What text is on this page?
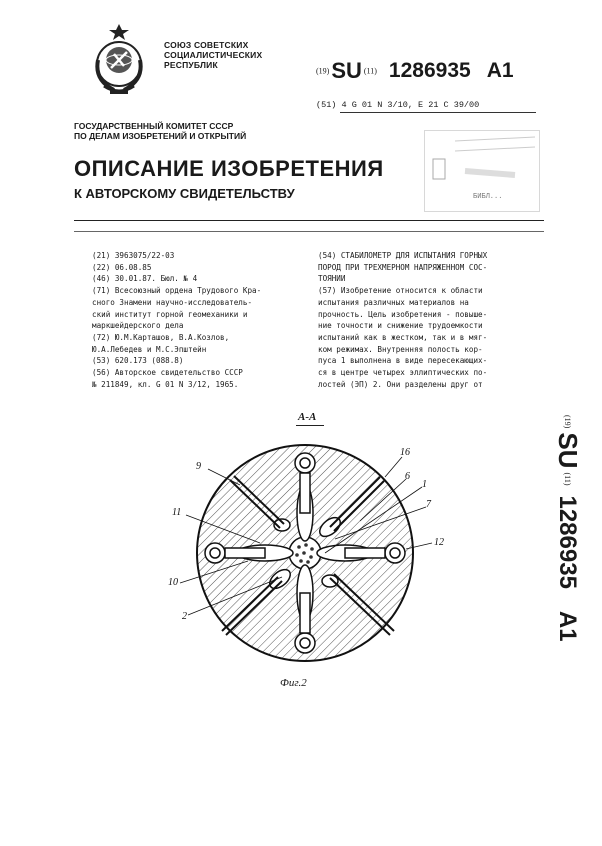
СОЮЗ СОВЕТСКИХ
СОЦИАЛИСТИЧЕСКИХ
РЕСПУБЛИК
(19)SU (11) 1286935 A1
(51) 4 G 01 N 3/10, E 21 C 39/00
ГОСУДАРСТВЕННЫЙ КОМИТЕТ СССР
ПО ДЕЛАМ ИЗОБРЕТЕНИЙ И ОТКРЫТИЙ
БИБЛ...
ОПИСАНИЕ ИЗОБРЕТЕНИЯ
К АВТОРСКОМУ СВИДЕТЕЛЬСТВУ
(21) 3963075/22-03
(22) 06.08.85
(46) 30.01.87. Бюл. № 4
(71) Всесоюзный ордена Трудового Кра-
сного Знамени научно-исследователь-
ский институт горной геомеханики и
маркшейдерского дела
(72) Ю.М.Карташов, В.А.Козлов,
Ю.А.Лебедев и М.С.Эпштейн
(53) 620.173 (088.8)
(56) Авторское свидетельство СССР
№ 211849, кл. G 01 N 3/12, 1965.
(54) СТАБИЛОМЕТР ДЛЯ ИСПЫТАНИЯ ГОРНЫХ
ПОРОД ПРИ ТРЕХМЕРНОМ НАПРЯЖЕННОМ СОС-
ТОЯНИИ
(57) Изобретение относится к области
испытания различных материалов на
прочность. Цель изобретения - повыше-
ние точности и снижение трудоемкости
испытаний как в жестком, так и в мяг-
ком режимах. Внутренняя полость кор-
пуса 1 выполнена в виде пересекающих-
ся в центре четырех эллиптических по-
лостей (ЭП) 2. Они разделены друг от
A-A
9
16
6
1
7
11
12
10
2
Фиг.2
(19)SU(11)1286935A1
